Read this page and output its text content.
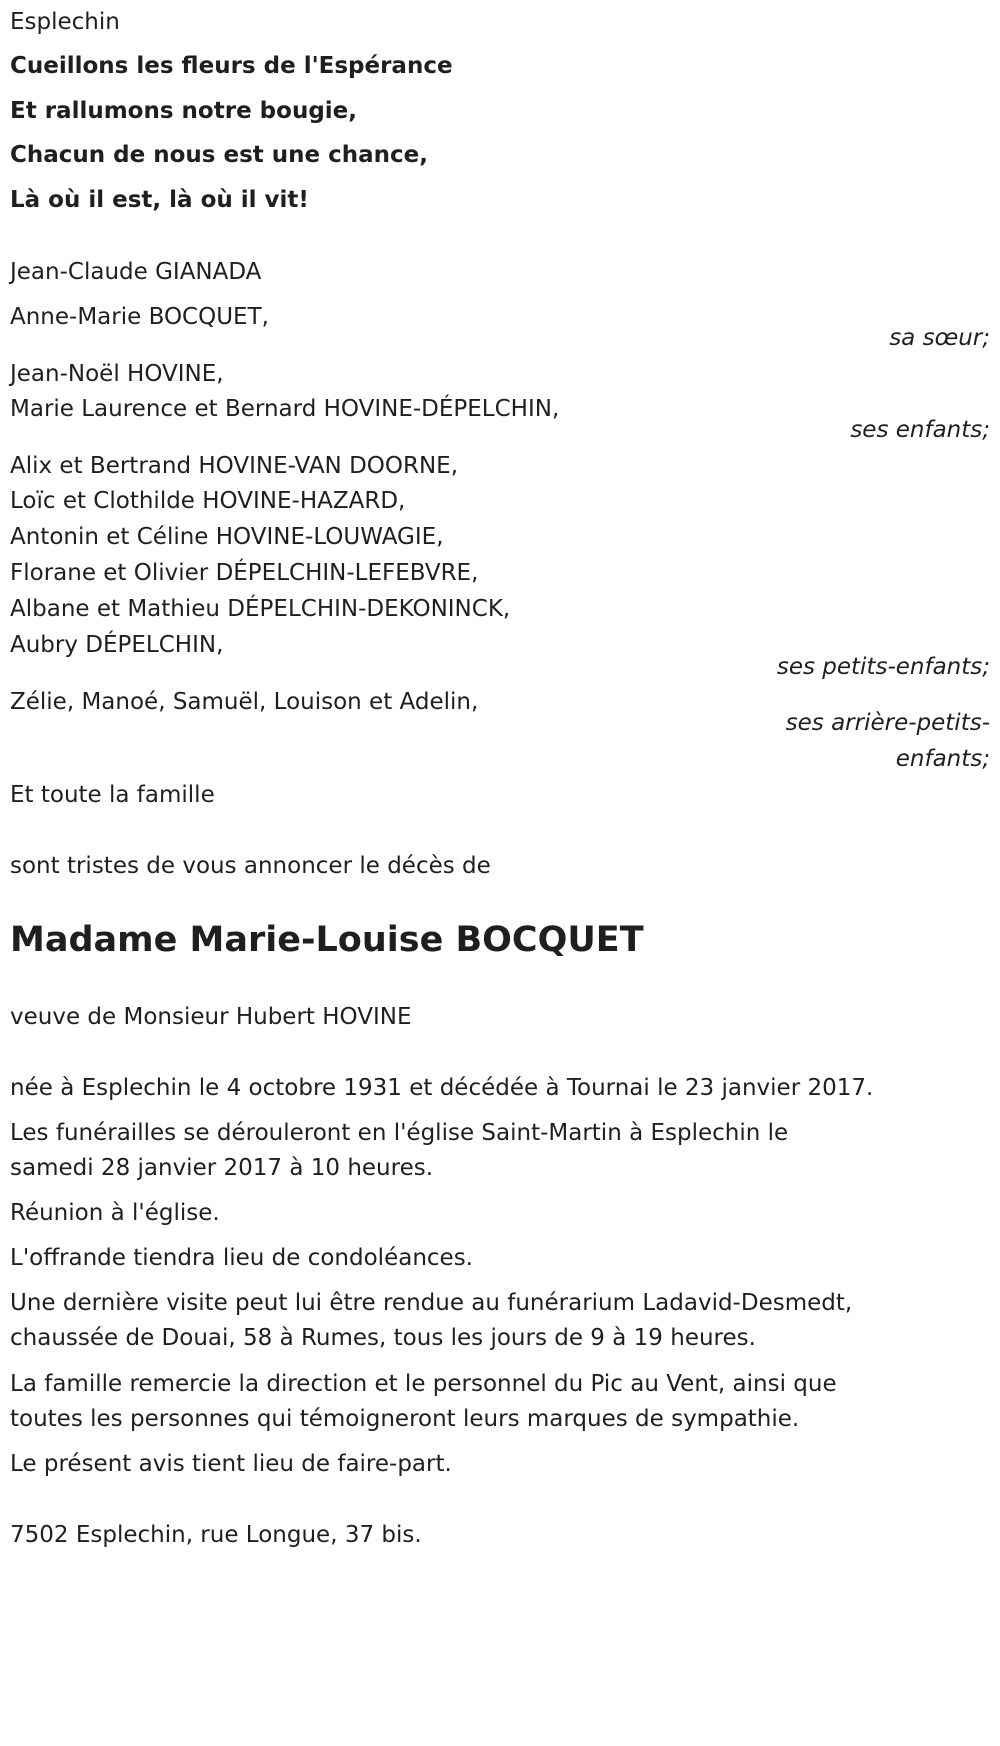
Esplechin

Cueillons les fleurs de l'Espérance

Et rallumons notre bougie,

Chacun de nous est une chance,

Là où il est, là où il vit!

Jean-Claude GIANADA

Anne-Marie BOCQUET,

sa sœur;

Jean-Noël HOVINE,

Marie Laurence et Bernard HOVINE-DÉPELCHIN,

ses enfants;

Alix et Bertrand HOVINE-VAN DOORNE,

Loïc et Clothilde HOVINE-HAZARD,

Antonin et Céline HOVINE-LOUWAGIE,

Florane et Olivier DÉPELCHIN-LEFEBVRE,

Albane et Mathieu DÉPELCHIN-DEKONINCK,

Aubry DÉPELCHIN,

ses petits-enfants;

Zélie, Manoé, Samuël, Louison et Adelin,

ses arrière-petits-

enfants;

Et toute la famille

sont tristes de vous annoncer le décès de

Madame Marie-Louise BOCQUET

veuve de Monsieur Hubert HOVINE

née à Esplechin le 4 octobre 1931 et décédée à Tournai le 23 janvier 2017.

Les funérailles se dérouleront en l'église Saint-Martin à Esplechin le

samedi 28 janvier 2017 à 10 heures.

Réunion à l'église.

L'offrande tiendra lieu de condoléances.

Une dernière visite peut lui être rendue au funérarium Ladavid-Desmedt,

chaussée de Douai, 58 à Rumes, tous les jours de 9 à 19 heures.

La famille remercie la direction et le personnel du Pic au Vent, ainsi que

toutes les personnes qui témoigneront leurs marques de sympathie.

Le présent avis tient lieu de faire-part.

7502 Esplechin, rue Longue, 37 bis.
